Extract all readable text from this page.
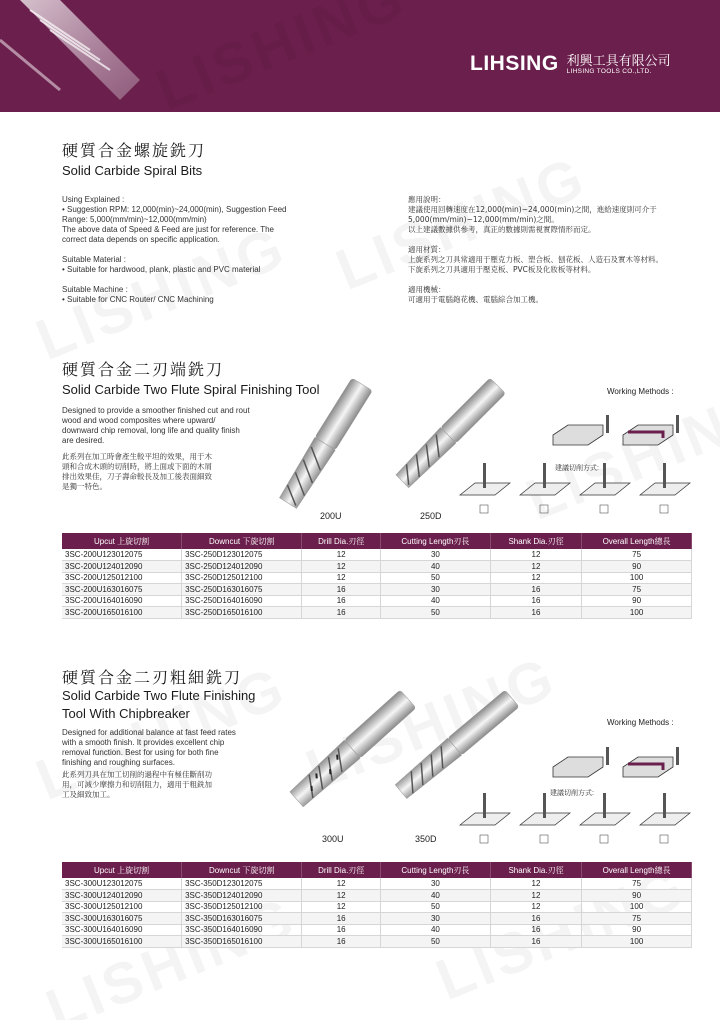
LIHSING 利興工具有限公司
LIHSING TOOLS CO.,LTD.
硬質合金螺旋銑刀
Solid Carbide Spiral Bits

Using Explained :

• Suggestion RPM: 12,000(min)~24,000(min), Suggestion Feed

Range: 5,000(mm/min)~12,000(mm/min)

The above data of Speed & Feed are just for reference. The

correct data depends on specific application.

Suitable Material :

• Suitable for hardwood, plank, plastic and PVC material

Suitable Machine :

• Suitable for CNC Router/ CNC Machining

應用說明：

建議使用回轉速度在12,000(min)~24,000(min)之間，進給速度則可介于

5,000(mm/min)~12,000(mm/min)之間。

以上建議數據供參考，真正的數據則需視實際情形而定。

適用材質：

上旋系列之刀具常適用于壓克力板、塑合板、刨花板、人造石及實木等材料。

下旋系列之刀具適用于壓克板、PVC板及化妝板等材料。

適用機械：

可適用于電腦鉋花機、電腦綜合加工機。

硬質合金二刃端銑刀
Solid Carbide Two Flute Spiral Finishing Tool

Designed to provide a smoother finished cut and rout

wood and wood composites where upward/

downward chip removal, long life and quality finish

are desired.

此系列在加工時會產生較平坦的效果，用于木

頭和合成木頭的切削時，將上面或下面的木屑

排出效果佳，刀子壽命較長及加工後表面細致

是獨一特色。

200U	250D
Working Methods :
建議切削方式:
Upcut 上旋切割	Downcut 下旋切割	Drill Dia.刃徑	Cutting Length刃長	Shank Dia.刃徑	Overall Length總長
3SC-200U123012075	3SC-250D123012075	12	30	12	75
3SC-200U124012090	3SC-250D124012090	12	40	12	90
3SC-200U125012100	3SC-250D125012100	12	50	12	100
3SC-200U163016075	3SC-250D163016075	16	30	16	75
3SC-200U164016090	3SC-250D164016090	16	40	16	90
3SC-200U165016100	3SC-250D165016100	16	50	16	100
硬質合金二刃粗細銑刀
Solid Carbide Two Flute Finishing
Tool With Chipbreaker

Designed for additional balance at fast feed rates

with a smooth finish. It provides excellent chip

removal function. Best for using for both fine

finishing and roughing surfaces.

此系列刀具在加工切削的過程中有極佳斷削功

用，可減少摩擦力和切削阻力，適用于粗銑加

工及細致加工。

300U	350D
Working Methods :
建議切削方式:
Upcut 上旋切割	Downcut 下旋切割	Drill Dia.刃徑	Cutting Length刃長	Shank Dia.刃徑	Overall Length總長
3SC-300U123012075	3SC-350D123012075	12	30	12	75
3SC-300U124012090	3SC-350D124012090	12	40	12	90
3SC-300U125012100	3SC-350D125012100	12	50	12	100
3SC-300U163016075	3SC-350D163016075	16	30	16	75
3SC-300U164016090	3SC-350D164016090	16	40	16	90
3SC-300U165016100	3SC-350D165016100	16	50	16	100
